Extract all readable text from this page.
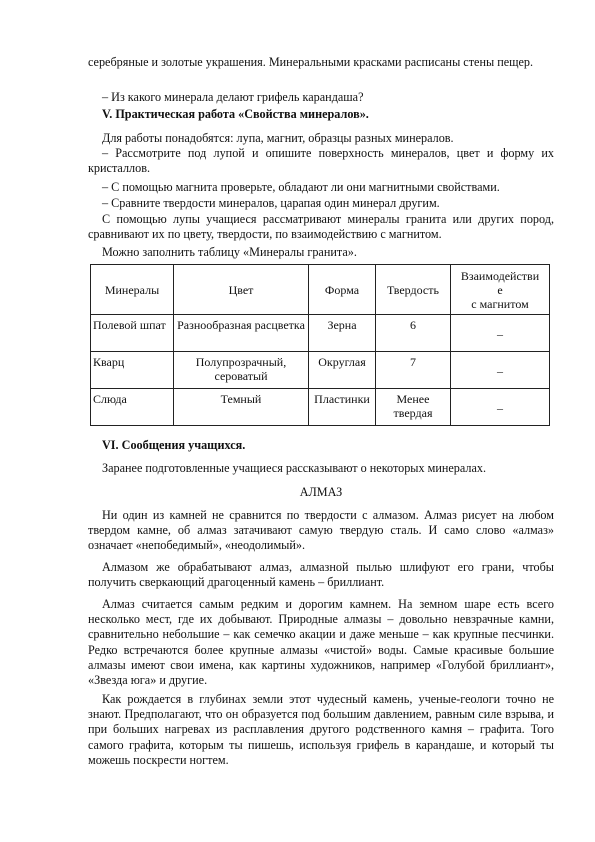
серебряные и золотые украшения. Минеральными красками расписаны стены пещер.

– Из какого минерала делают грифель карандаша?

V. Практическая работа «Свойства минералов».

Для работы понадобятся: лупа, магнит, образцы разных минералов.

– Рассмотрите под лупой и опишите поверхность минералов, цвет и форму их кристаллов.

– С помощью магнита проверьте, обладают ли они магнитными свойствами.

– Сравните твердости минералов, царапая один минерал другим.

С помощью лупы учащиеся рассматривают минералы гранита или других пород, сравнивают их по цвету, твердости, по взаимодействию с магнитом.

Можно заполнить таблицу «Минералы гранита».

Минералы	Цвет	Форма	Твердость	Взаимодействи
е
с магнитом

Полевой шпат	Разнообразная расцветка	Зерна	6	–
Кварц	Полупрозрачный, сероватый	Округлая	7	–
Слюда	Темный	Пластинки	Менее твердая	–

VI. Сообщения учащихся.

Заранее подготовленные учащиеся рассказывают о некоторых минералах.

АЛМАЗ

Ни один из камней не сравнится по твердости с алмазом. Алмаз рисует на любом твердом камне, об алмаз затачивают самую твердую сталь. И само слово «алмаз» означает «непобедимый», «неодолимый».

Алмазом же обрабатывают алмаз, алмазной пылью шлифуют его грани, чтобы получить сверкающий драгоценный камень – бриллиант.

Алмаз считается самым редким и дорогим камнем. На земном шаре есть всего несколько мест, где их добывают. Природные алмазы – довольно невзрачные камни, сравнительно небольшие – как семечко акации и даже меньше – как крупные песчинки. Редко встречаются более крупные алмазы «чистой» воды. Самые красивые большие алмазы имеют свои имена, как картины художников, например «Голубой бриллиант», «Звезда юга» и другие.

Как рождается в глубинах земли этот чудесный камень, ученые-геологи точно не знают. Предполагают, что он образуется под большим давлением, равным силе взрыва, и при больших нагревах из расплавления другого родственного камня – графита. Того самого графита, которым ты пишешь, используя грифель в карандаше, и который ты можешь поскрести ногтем.
